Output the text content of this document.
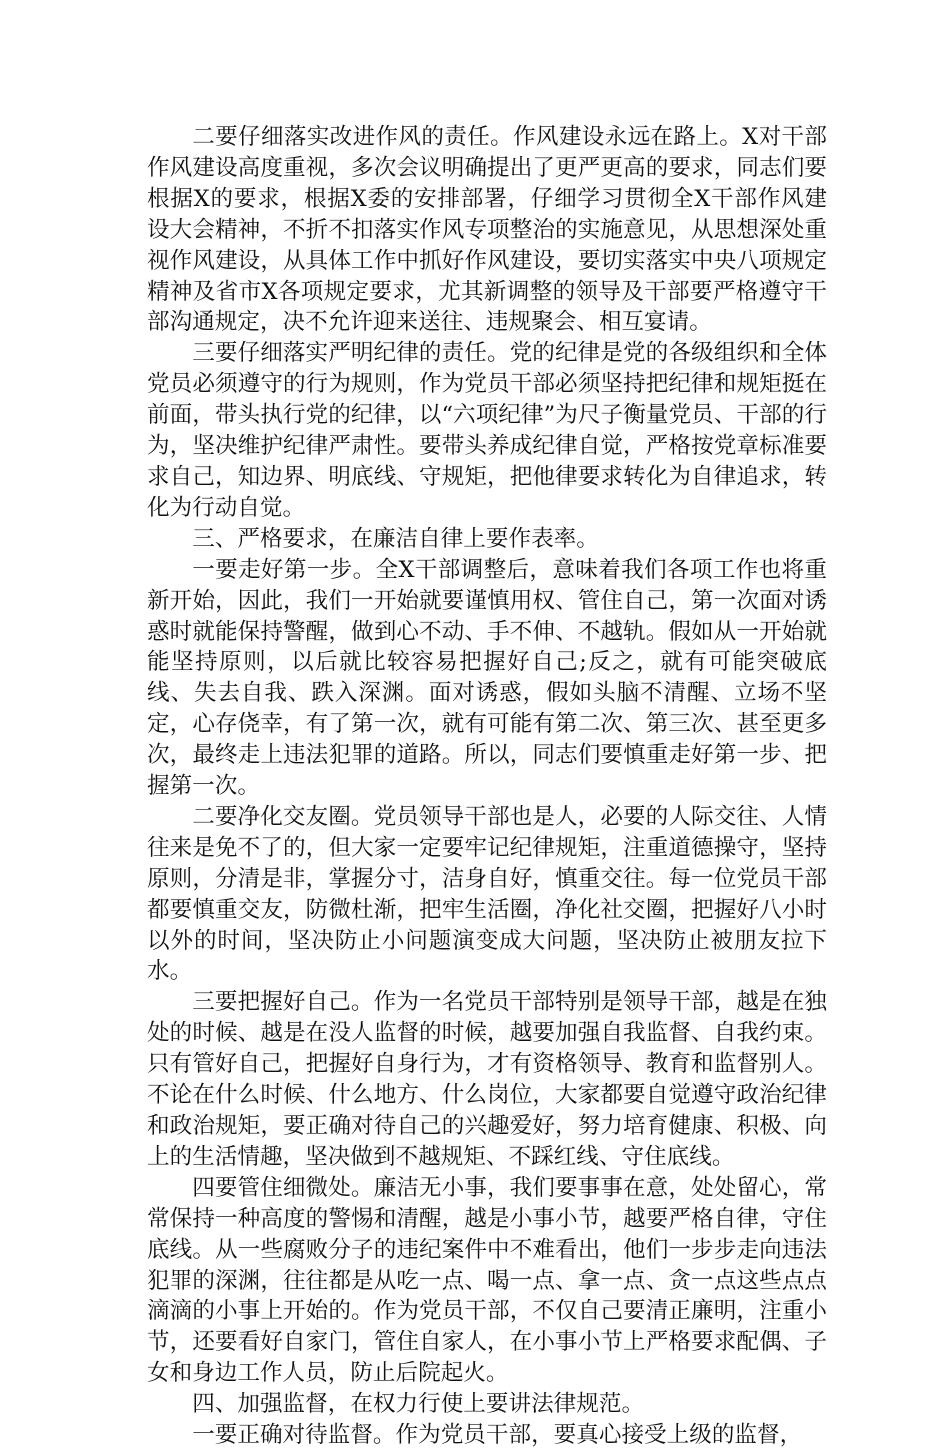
二要仔细落实改进作风的责任。作风建设永远在路上。X对干部作风建设高度重视，多次会议明确提出了更严更高的要求，同志们要根据X的要求，根据X委的安排部署，仔细学习贯彻全X干部作风建设大会精神，不折不扣落实作风专项整治的实施意见，从思想深处重视作风建设，从具体工作中抓好作风建设，要切实落实中央八项规定精神及省市X各项规定要求，尤其新调整的领导及干部要严格遵守干部沟通规定，决不允许迎来送往、违规聚会、相互宴请。

三要仔细落实严明纪律的责任。党的纪律是党的各级组织和全体党员必须遵守的行为规则，作为党员干部必须坚持把纪律和规矩挺在前面，带头执行党的纪律，以“六项纪律”为尺子衡量党员、干部的行为，坚决维护纪律严肃性。要带头养成纪律自觉，严格按党章标准要求自己，知边界、明底线、守规矩，把他律要求转化为自律追求，转化为行动自觉。

三、严格要求，在廉洁自律上要作表率。

一要走好第一步。全X干部调整后，意味着我们各项工作也将重新开始，因此，我们一开始就要谨慎用权、管住自己，第一次面对诱惑时就能保持警醒，做到心不动、手不伸、不越轨。假如从一开始就能坚持原则，以后就比较容易把握好自己;反之，就有可能突破底线、失去自我、跌入深渊。面对诱惑，假如头脑不清醒、立场不坚定，心存侥幸，有了第一次，就有可能有第二次、第三次、甚至更多次，最终走上违法犯罪的道路。所以，同志们要慎重走好第一步、把握第一次。

二要净化交友圈。党员领导干部也是人，必要的人际交往、人情往来是免不了的，但大家一定要牢记纪律规矩，注重道德操守，坚持原则，分清是非，掌握分寸，洁身自好，慎重交往。每一位党员干部都要慎重交友，防微杜渐，把牢生活圈，净化社交圈，把握好八小时以外的时间，坚决防止小问题演变成大问题，坚决防止被朋友拉下水。

三要把握好自己。作为一名党员干部特别是领导干部，越是在独处的时候、越是在没人监督的时候，越要加强自我监督、自我约束。只有管好自己，把握好自身行为，才有资格领导、教育和监督别人。不论在什么时候、什么地方、什么岗位，大家都要自觉遵守政治纪律和政治规矩，要正确对待自己的兴趣爱好，努力培育健康、积极、向上的生活情趣，坚决做到不越规矩、不踩红线、守住底线。

四要管住细微处。廉洁无小事，我们要事事在意，处处留心，常常保持一种高度的警惕和清醒，越是小事小节，越要严格自律，守住底线。从一些腐败分子的违纪案件中不难看出，他们一步步走向违法犯罪的深渊，往往都是从吃一点、喝一点、拿一点、贪一点这些点点滴滴的小事上开始的。作为党员干部，不仅自己要清正廉明，注重小节，还要看好自家门，管住自家人，在小事小节上严格要求配偶、子女和身边工作人员，防止后院起火。

四、加强监督，在权力行使上要讲法律规范。

一要正确对待监督。作为党员干部，要真心接受上级的监督，
